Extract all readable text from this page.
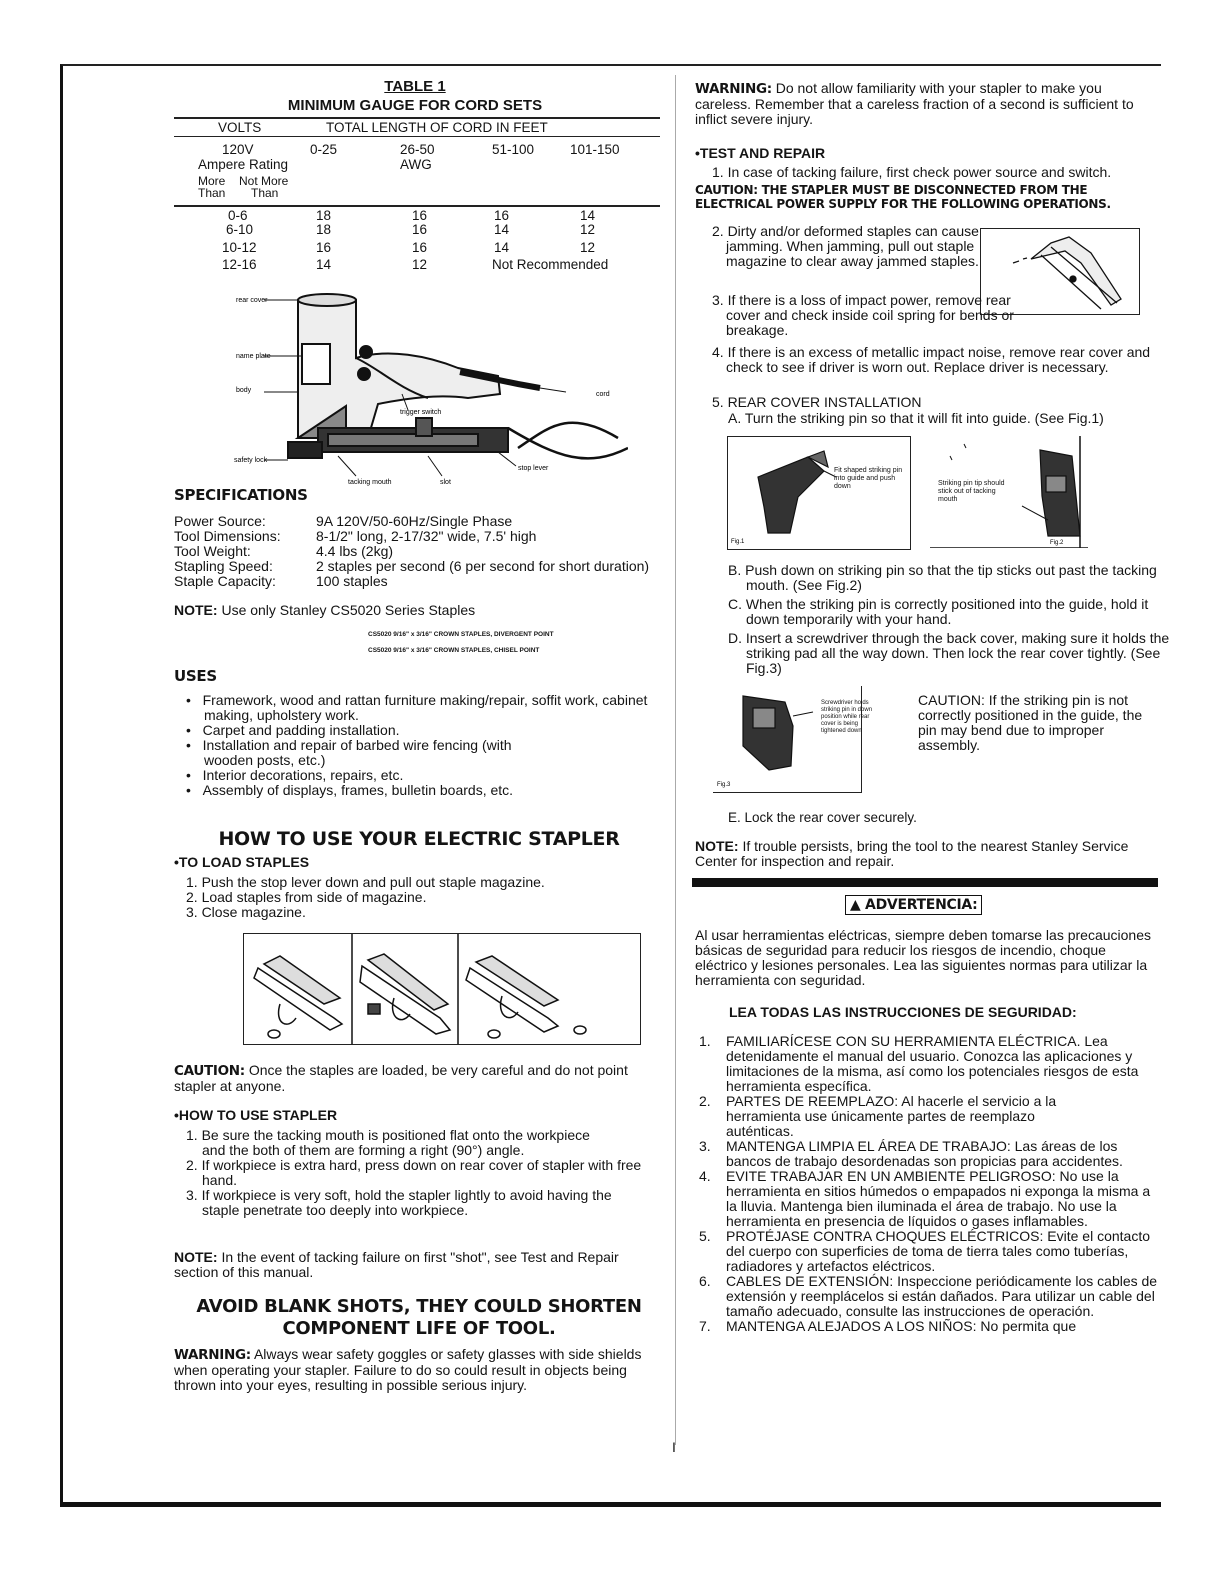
TABLE 1
MINIMUM GAUGE FOR CORD SETS
VOLTS	TOTAL LENGTH OF CORD IN FEET
120V	0-25	26-50	51-100	101-150
AWG
Ampere Rating
More Not More
Than Than
0-6	18	16	16	14
6-10	18	16	14	12
10-12	16	16	14	12
12-16	14	12	Not Recommended
rear cover
name plate
body
trigger switch
cord
safety lock
tacking mouth	slot
stop lever
SPECIFICATIONS
Power Source:	9A 120V/50-60Hz/Single Phase
Tool Dimensions:	8-1/2" long, 2-17/32" wide, 7.5' high
Tool Weight:	4.4 lbs (2kg)
Stapling Speed:	2 staples per second (6 per second for short duration)
Staple Capacity:	100 staples
NOTE: Use only Stanley CS5020 Series Staples
CS5020 9/16" x 3/16" CROWN STAPLES, DIVERGENT POINT
CS5020 9/16" x 3/16" CROWN STAPLES, CHISEL POINT
USES
•   Framework, wood and rattan furniture making/repair, soffit work, cabinet making, upholstery work.
•   Carpet and padding installation.
•   Installation and repair of barbed wire fencing (with wooden posts, etc.)
•   Interior decorations, repairs, etc.
•   Assembly of displays, frames, bulletin boards, etc.
HOW TO USE YOUR ELECTRIC STAPLER
•TO LOAD STAPLES
1. Push the stop lever down and pull out staple magazine.
2. Load staples from side of magazine.
3. Close magazine.
CAUTION: Once the staples are loaded, be very careful and do not point stapler at anyone.
•HOW TO USE STAPLER
1. Be sure the tacking mouth is positioned flat onto the workpiece and the both of them are forming a right (90°) angle.
2. If workpiece is extra hard, press down on rear cover of stapler with free hand.
3. If workpiece is very soft, hold the stapler lightly to avoid having the staple penetrate too deeply into workpiece.
NOTE: In the event of tacking failure on first "shot", see Test and Repair section of this manual.
AVOID BLANK SHOTS, THEY COULD SHORTEN
COMPONENT LIFE OF TOOL.
WARNING: Always wear safety goggles or safety glasses with side shields when operating your stapler. Failure to do so could result in objects being thrown into your eyes, resulting in possible serious injury.
WARNING: Do not allow familiarity with your stapler to make you careless. Remember that a careless fraction of a second is sufficient to inflict severe injury.
•TEST AND REPAIR
1. In case of tacking failure, first check power source and switch.
CAUTION: THE STAPLER MUST BE DISCONNECTED FROM THE ELECTRICAL POWER SUPPLY FOR THE FOLLOWING OPERATIONS.
2. Dirty and/or deformed staples can cause jamming. When jamming, pull out staple magazine to clear away jammed staples.
3. If there is a loss of impact power, remove rear cover and check inside coil spring for bends or breakage.
4. If there is an excess of metallic impact noise, remove rear cover and check to see if driver is worn out. Replace driver is necessary.
5. REAR COVER INSTALLATION
A. Turn the striking pin so that it will fit into guide. (See Fig.1)
Fig.1
Fit shaped striking pin into guide and push down
Fig.2
Striking pin tip should stick out of tacking mouth
B. Push down on striking pin so that the tip sticks out past the tacking mouth. (See Fig.2)
C. When the striking pin is correctly positioned into the guide, hold it down temporarily with your hand.
D. Insert a screwdriver through the back cover, making sure it holds the striking pad all the way down. Then lock the rear cover tightly. (See Fig.3)
Fig.3
Screwdriver holds striking pin in down position while rear cover is being tightened down
CAUTION: If the striking pin is not correctly positioned in the guide, the pin may bend due to improper assembly.
E. Lock the rear cover securely.
NOTE: If trouble persists, bring the tool to the nearest Stanley Service Center for inspection and repair.
▲ ADVERTENCIA:
Al usar herramientas eléctricas, siempre deben tomarse las precauciones básicas de seguridad para reducir los riesgos de incendio, choque eléctrico y lesiones personales. Lea las siguientes normas para utilizar la herramienta con seguridad.
LEA TODAS LAS INSTRUCCIONES DE SEGURIDAD:
1. FAMILIARÍCESE CON SU HERRAMIENTA ELÉCTRICA. Lea detenidamente el manual del usuario. Conozca las aplicaciones y limitaciones de la misma, así como los potenciales riesgos de esta herramienta específica.
2. PARTES DE REEMPLAZO: Al hacerle el servicio a la herramienta use únicamente partes de reemplazo auténticas.
3. MANTENGA LIMPIA EL ÁREA DE TRABAJO: Las áreas de los bancos de trabajo desordenadas son propicias para accidentes.
4. EVITE TRABAJAR EN UN AMBIENTE PELIGROSO: No use la herramienta en sitios húmedos o empapados ni exponga la misma a la lluvia. Mantenga bien iluminada el área de trabajo. No use la herramienta en presencia de líquidos o gases inflamables.
5. PROTÉJASE CONTRA CHOQUES ELÉCTRICOS: Evite el contacto del cuerpo con superficies de toma de tierra tales como tuberías, radiadores y artefactos eléctricos.
6. CABLES DE EXTENSIÓN: Inspeccione periódicamente los cables de extensión y reemplácelos si están dañados. Para utilizar un cable del tamaño adecuado, consulte las instrucciones de operación.
7. MANTENGA ALEJADOS A LOS NIÑOS: No permita que
I
